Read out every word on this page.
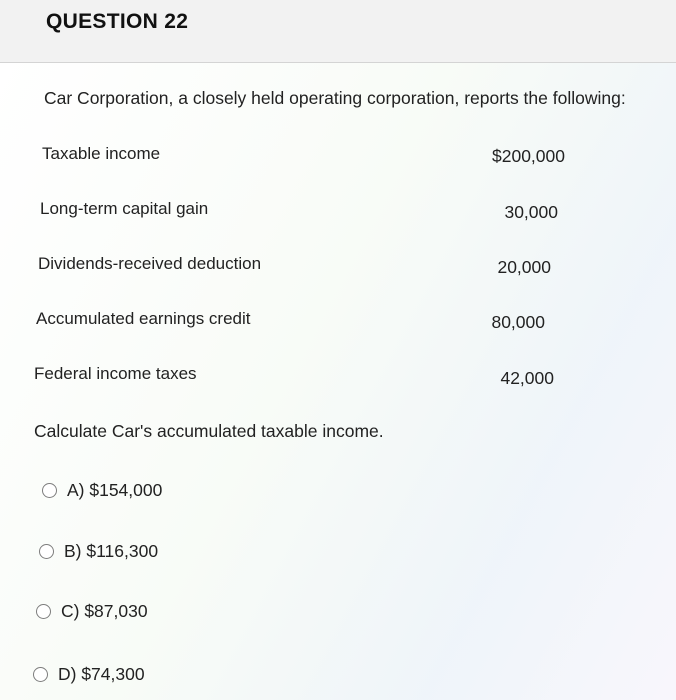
QUESTION 22
Car Corporation, a closely held operating corporation, reports the following:
Taxable income	$200,000
Long-term capital gain	30,000
Dividends-received deduction	20,000
Accumulated earnings credit	80,000
Federal income taxes	42,000
Calculate Car's accumulated taxable income.
A) $154,000
B) $116,300
C) $87,030
D) $74,300
